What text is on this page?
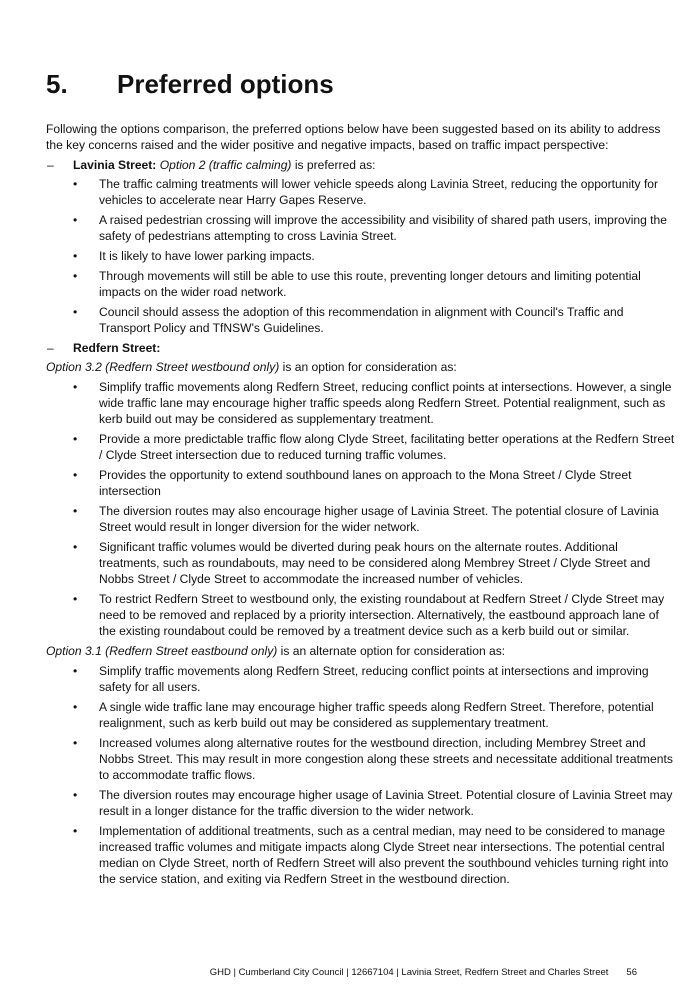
5.	Preferred options

Following the options comparison, the preferred options below have been suggested based on its ability to address the key concerns raised and the wider positive and negative impacts, based on traffic impact perspective:

– Lavinia Street: Option 2 (traffic calming) is preferred as:
• The traffic calming treatments will lower vehicle speeds along Lavinia Street, reducing the opportunity for vehicles to accelerate near Harry Gapes Reserve.
• A raised pedestrian crossing will improve the accessibility and visibility of shared path users, improving the safety of pedestrians attempting to cross Lavinia Street.
• It is likely to have lower parking impacts.
• Through movements will still be able to use this route, preventing longer detours and limiting potential impacts on the wider road network.
• Council should assess the adoption of this recommendation in alignment with Council's Traffic and Transport Policy and TfNSW's Guidelines.
– Redfern Street:

Option 3.2 (Redfern Street westbound only) is an option for consideration as:

• Simplify traffic movements along Redfern Street, reducing conflict points at intersections. However, a single wide traffic lane may encourage higher traffic speeds along Redfern Street. Potential realignment, such as kerb build out may be considered as supplementary treatment.
• Provide a more predictable traffic flow along Clyde Street, facilitating better operations at the Redfern Street / Clyde Street intersection due to reduced turning traffic volumes.
• Provides the opportunity to extend southbound lanes on approach to the Mona Street / Clyde Street intersection
• The diversion routes may also encourage higher usage of Lavinia Street. The potential closure of Lavinia Street would result in longer diversion for the wider network.
• Significant traffic volumes would be diverted during peak hours on the alternate routes. Additional treatments, such as roundabouts, may need to be considered along Membrey Street / Clyde Street and Nobbs Street / Clyde Street to accommodate the increased number of vehicles.
• To restrict Redfern Street to westbound only, the existing roundabout at Redfern Street / Clyde Street may need to be removed and replaced by a priority intersection. Alternatively, the eastbound approach lane of the existing roundabout could be removed by a treatment device such as a kerb build out or similar.

Option 3.1 (Redfern Street eastbound only) is an alternate option for consideration as:

• Simplify traffic movements along Redfern Street, reducing conflict points at intersections and improving safety for all users.
• A single wide traffic lane may encourage higher traffic speeds along Redfern Street. Therefore, potential realignment, such as kerb build out may be considered as supplementary treatment.
• Increased volumes along alternative routes for the westbound direction, including Membrey Street and Nobbs Street. This may result in more congestion along these streets and necessitate additional treatments to accommodate traffic flows.
• The diversion routes may encourage higher usage of Lavinia Street. Potential closure of Lavinia Street may result in a longer distance for the traffic diversion to the wider network.
• Implementation of additional treatments, such as a central median, may need to be considered to manage increased traffic volumes and mitigate impacts along Clyde Street near intersections. The potential central median on Clyde Street, north of Redfern Street will also prevent the southbound vehicles turning right into the service station, and exiting via Redfern Street in the westbound direction.
GHD | Cumberland City Council | 12667104 | Lavinia Street, Redfern Street and Charles Street 56
